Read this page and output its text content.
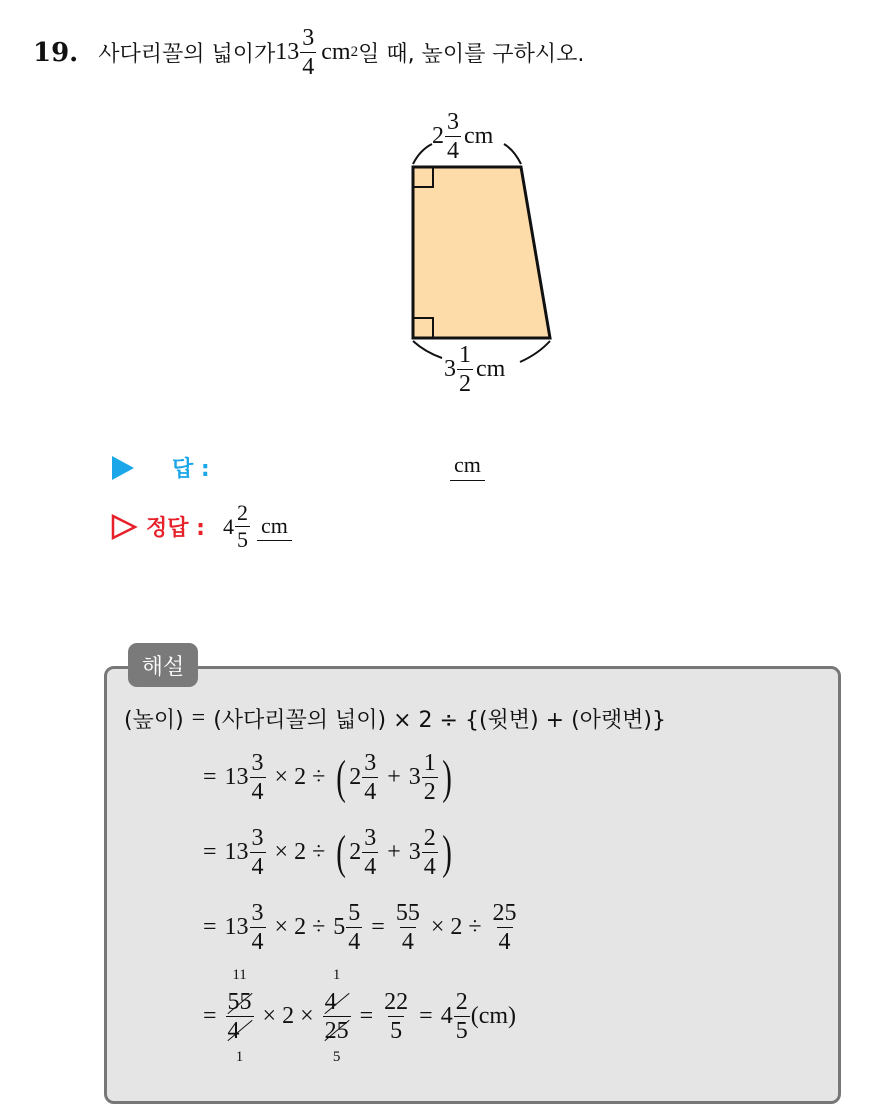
19. 사다리꼴의 넓이가 $13 \frac{3}{4}$ cm 2 일 때, 높이를 구하시오.
$2 \frac{3}{4}$ cm
$3 \frac{1}{2}$ cm
답 :	cm
정답 : $4 \frac{2}{5}$ cm
해설
(높이) = (사다리꼴의 넓이) × 2 ÷ {(윗변) + (아랫변)}
= $13 \frac{3}{4} \times 2$ ÷ ( $2 \frac{3}{4} + 3 \frac{1}{2}$ )
= $13 \frac{3}{4} \times 2$ ÷ ( $2 \frac{3}{4} + 3 \frac{2}{4}$ )
= $13 \frac{3}{4} \times 2 \div 5 \frac{5}{4} = \frac{55}{4} \times 2 \div \frac{25}{4}$
=
11
55
4
1
× 2 ×
1
4
25
5
= $\frac{22}{5} = 4 \frac{2}{5} (cm)$
